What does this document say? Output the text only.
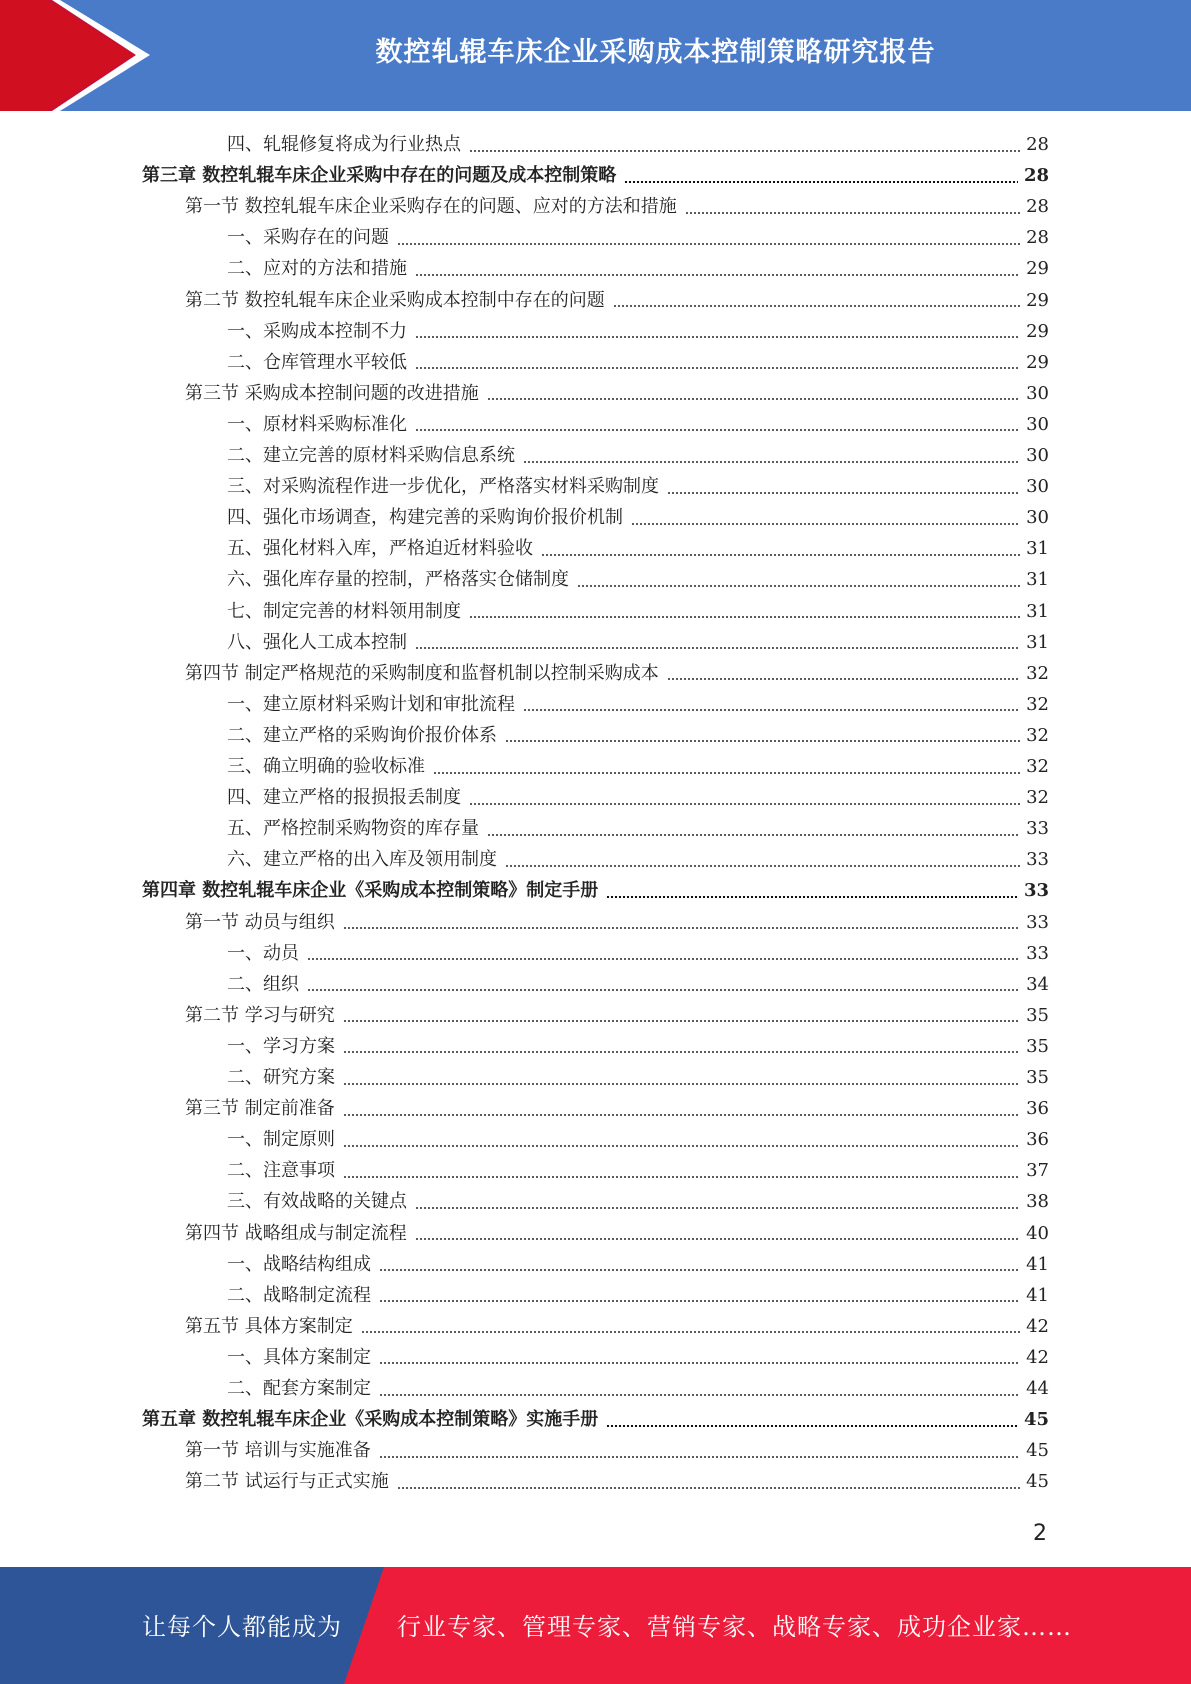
数控轧辊车床企业采购成本控制策略研究报告
四、轧辊修复将成为行业热点	28
第三章 数控轧辊车床企业采购中存在的问题及成本控制策略	28
第一节 数控轧辊车床企业采购存在的问题、应对的方法和措施	28
一、采购存在的问题	28
二、应对的方法和措施	29
第二节 数控轧辊车床企业采购成本控制中存在的问题	29
一、采购成本控制不力	29
二、仓库管理水平较低	29
第三节 采购成本控制问题的改进措施	30
一、原材料采购标准化	30
二、建立完善的原材料采购信息系统	30
三、对采购流程作进一步优化，严格落实材料采购制度	30
四、强化市场调查，构建完善的采购询价报价机制	30
五、强化材料入库，严格迫近材料验收	31
六、强化库存量的控制，严格落实仓储制度	31
七、制定完善的材料领用制度	31
八、强化人工成本控制	31
第四节 制定严格规范的采购制度和监督机制以控制采购成本	32
一、建立原材料采购计划和审批流程	32
二、建立严格的采购询价报价体系	32
三、确立明确的验收标准	32
四、建立严格的报损报丢制度	32
五、严格控制采购物资的库存量	33
六、建立严格的出入库及领用制度	33
第四章 数控轧辊车床企业《采购成本控制策略》制定手册	33
第一节 动员与组织	33
一、动员	33
二、组织	34
第二节 学习与研究	35
一、学习方案	35
二、研究方案	35
第三节 制定前准备	36
一、制定原则	36
二、注意事项	37
三、有效战略的关键点	38
第四节 战略组成与制定流程	40
一、战略结构组成	41
二、战略制定流程	41
第五节 具体方案制定	42
一、具体方案制定	42
二、配套方案制定	44
第五章 数控轧辊车床企业《采购成本控制策略》实施手册	45
第一节 培训与实施准备	45
第二节 试运行与正式实施	45
2
让每个人都能成为 行业专家、管理专家、营销专家、战略专家、成功企业家……
